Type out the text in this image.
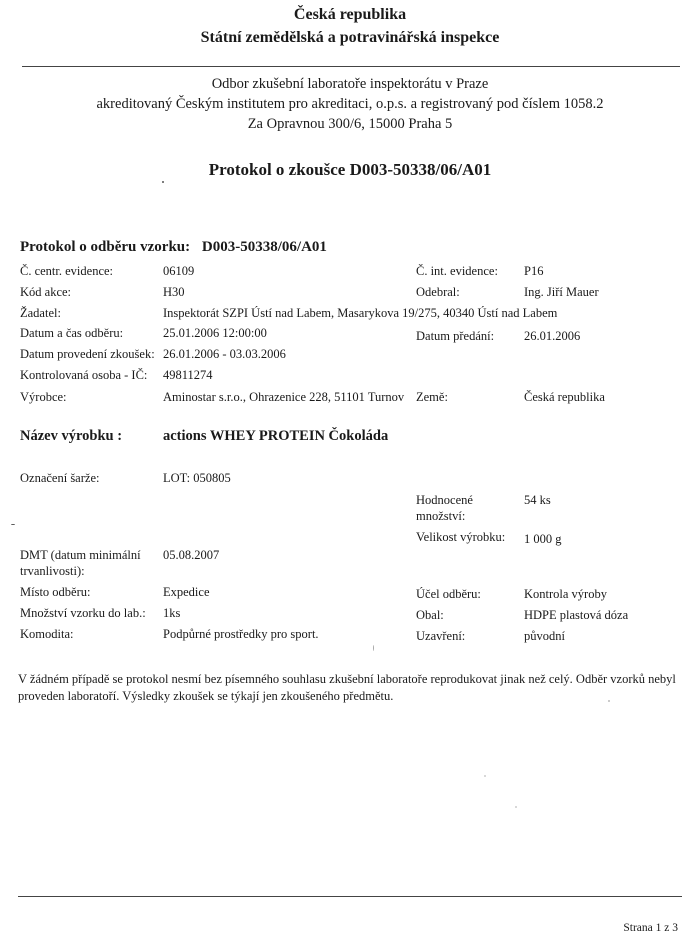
Česká republika
Státní zemědělská a potravinářská inspekce
Odbor zkušební laboratoře inspektorátu v Praze
akreditovaný Českým institutem pro akreditaci, o.p.s. a registrovaný pod číslem 1058.2
Za Opravnou 300/6, 15000 Praha 5
Protokol o zkoušce D003-50338/06/A01
Protokol o odběru vzorku: D003-50338/06/A01
Č. centr. evidence:	06109	Č. int. evidence: P16
Kód akce:	H30	Odebral:	Ing. Jiří Mauer
Žadatel:	Inspektorát SZPI Ústí nad Labem, Masarykova 19/275, 40340 Ústí nad Labem
Datum a čas odběru:	25.01.2006 12:00:00	Datum předání: 26.01.2006
Datum provedení zkoušek: 26.01.2006 - 03.03.2006
Kontrolovaná osoba - IČ: 49811274
Výrobce:	Aminostar s.r.o., Ohrazenice 228, 51101 Turnov Země:	Česká republika
Název výrobku :	actions WHEY PROTEIN Čokoláda
Označení šarže:	LOT: 050805
Hodnocené
množství:
54 ks
Velikost výrobku: 1 000 g
DMT (datum minimální
trvanlivosti):
05.08.2007
Místo odběru:	Expedice	Účel odběru:	Kontrola výroby
Množství vzorku do lab.: 1ks	Obal:	HDPE plastová dóza
Komodita:	Podpůrné prostředky pro sport.	Uzavření:	původní
V žádném případě se protokol nesmí bez písemného souhlasu zkušební laboratoře reprodukovat jinak než celý. Odběr vzorků nebyl proveden laboratoří. Výsledky zkoušek se týkají jen zkoušeného předmětu.
Strana 1 z 3
